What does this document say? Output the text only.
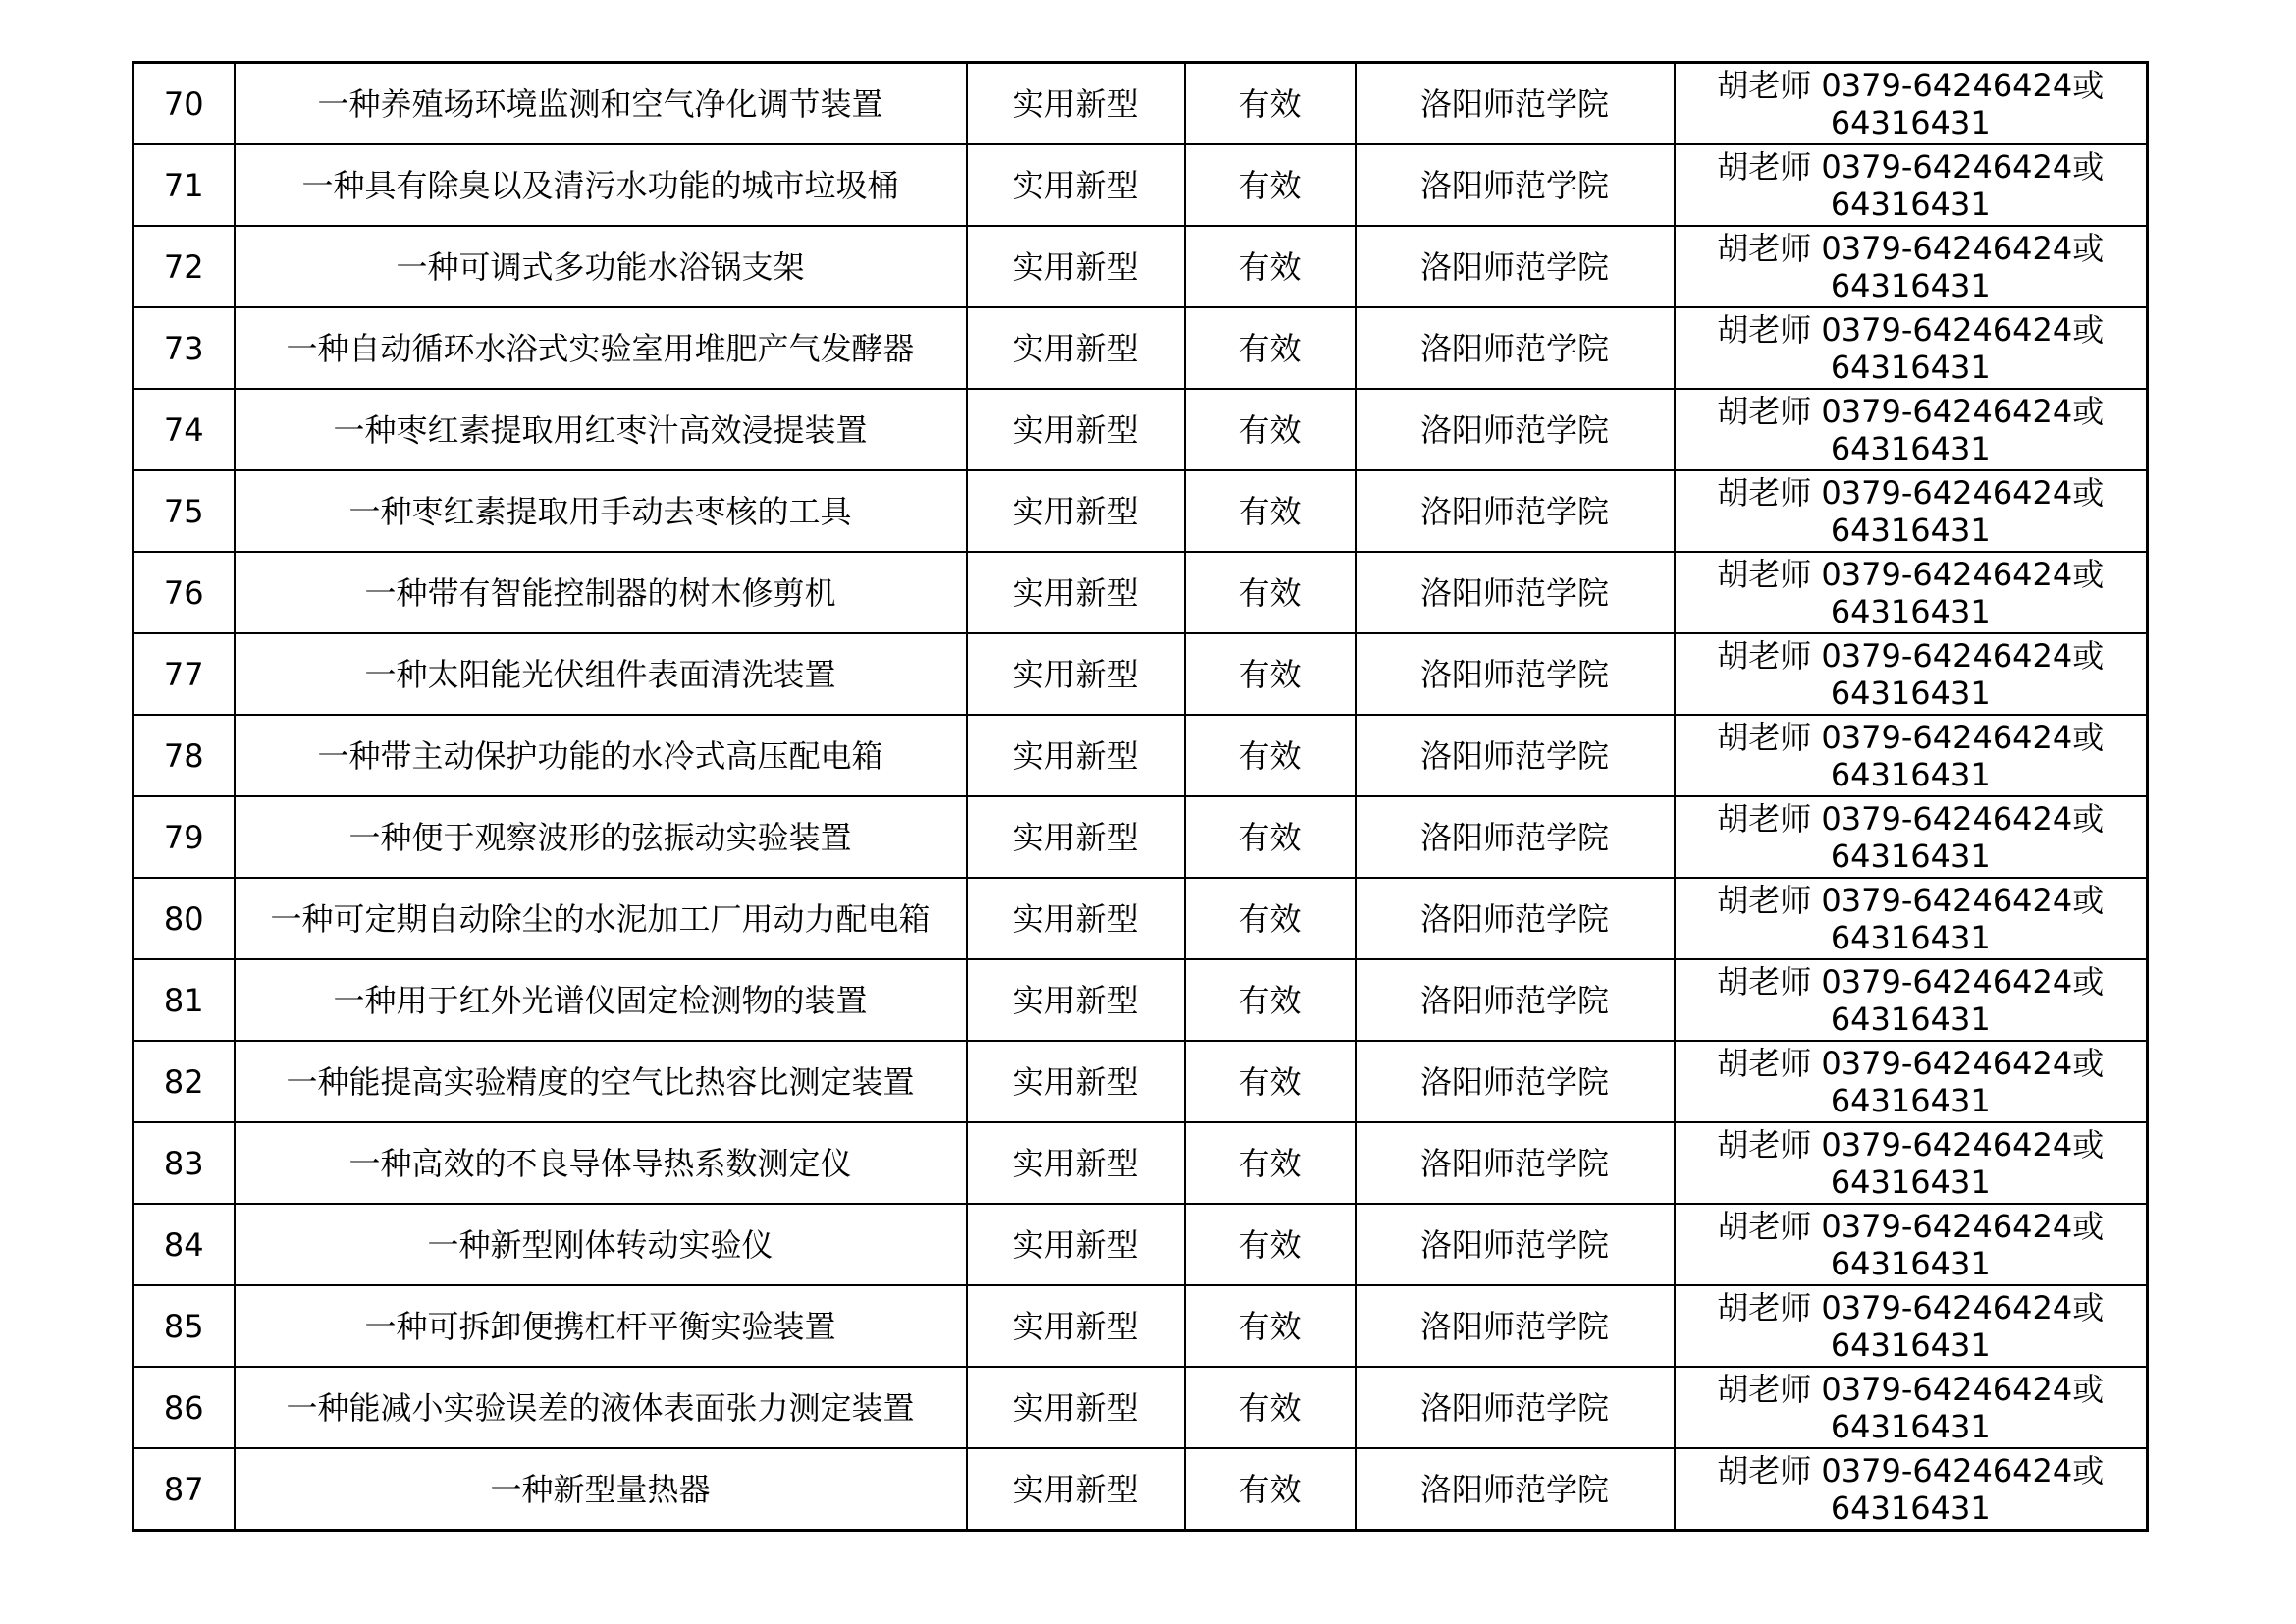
70	一种养殖场环境监测和空气净化调节装置	实用新型	有效	洛阳师范学院	胡老师 0379-64246424或
64316431

71	一种具有除臭以及清污水功能的城市垃圾桶	实用新型	有效	洛阳师范学院	胡老师 0379-64246424或
64316431

72	一种可调式多功能水浴锅支架	实用新型	有效	洛阳师范学院	胡老师 0379-64246424或
64316431

73	一种自动循环水浴式实验室用堆肥产气发酵器	实用新型	有效	洛阳师范学院	胡老师 0379-64246424或
64316431

74	一种枣红素提取用红枣汁高效浸提装置	实用新型	有效	洛阳师范学院	胡老师 0379-64246424或
64316431

75	一种枣红素提取用手动去枣核的工具	实用新型	有效	洛阳师范学院	胡老师 0379-64246424或
64316431

76	一种带有智能控制器的树木修剪机	实用新型	有效	洛阳师范学院	胡老师 0379-64246424或
64316431

77	一种太阳能光伏组件表面清洗装置	实用新型	有效	洛阳师范学院	胡老师 0379-64246424或
64316431

78	一种带主动保护功能的水冷式高压配电箱	实用新型	有效	洛阳师范学院	胡老师 0379-64246424或
64316431

79	一种便于观察波形的弦振动实验装置	实用新型	有效	洛阳师范学院	胡老师 0379-64246424或
64316431

80	一种可定期自动除尘的水泥加工厂用动力配电箱	实用新型	有效	洛阳师范学院	胡老师 0379-64246424或
64316431

81	一种用于红外光谱仪固定检测物的装置	实用新型	有效	洛阳师范学院	胡老师 0379-64246424或
64316431

82	一种能提高实验精度的空气比热容比测定装置	实用新型	有效	洛阳师范学院	胡老师 0379-64246424或
64316431

83	一种高效的不良导体导热系数测定仪	实用新型	有效	洛阳师范学院	胡老师 0379-64246424或
64316431

84	一种新型刚体转动实验仪	实用新型	有效	洛阳师范学院	胡老师 0379-64246424或
64316431

85	一种可拆卸便携杠杆平衡实验装置	实用新型	有效	洛阳师范学院	胡老师 0379-64246424或
64316431

86	一种能减小实验误差的液体表面张力测定装置	实用新型	有效	洛阳师范学院	胡老师 0379-64246424或
64316431

87	一种新型量热器	实用新型	有效	洛阳师范学院	胡老师 0379-64246424或
64316431
